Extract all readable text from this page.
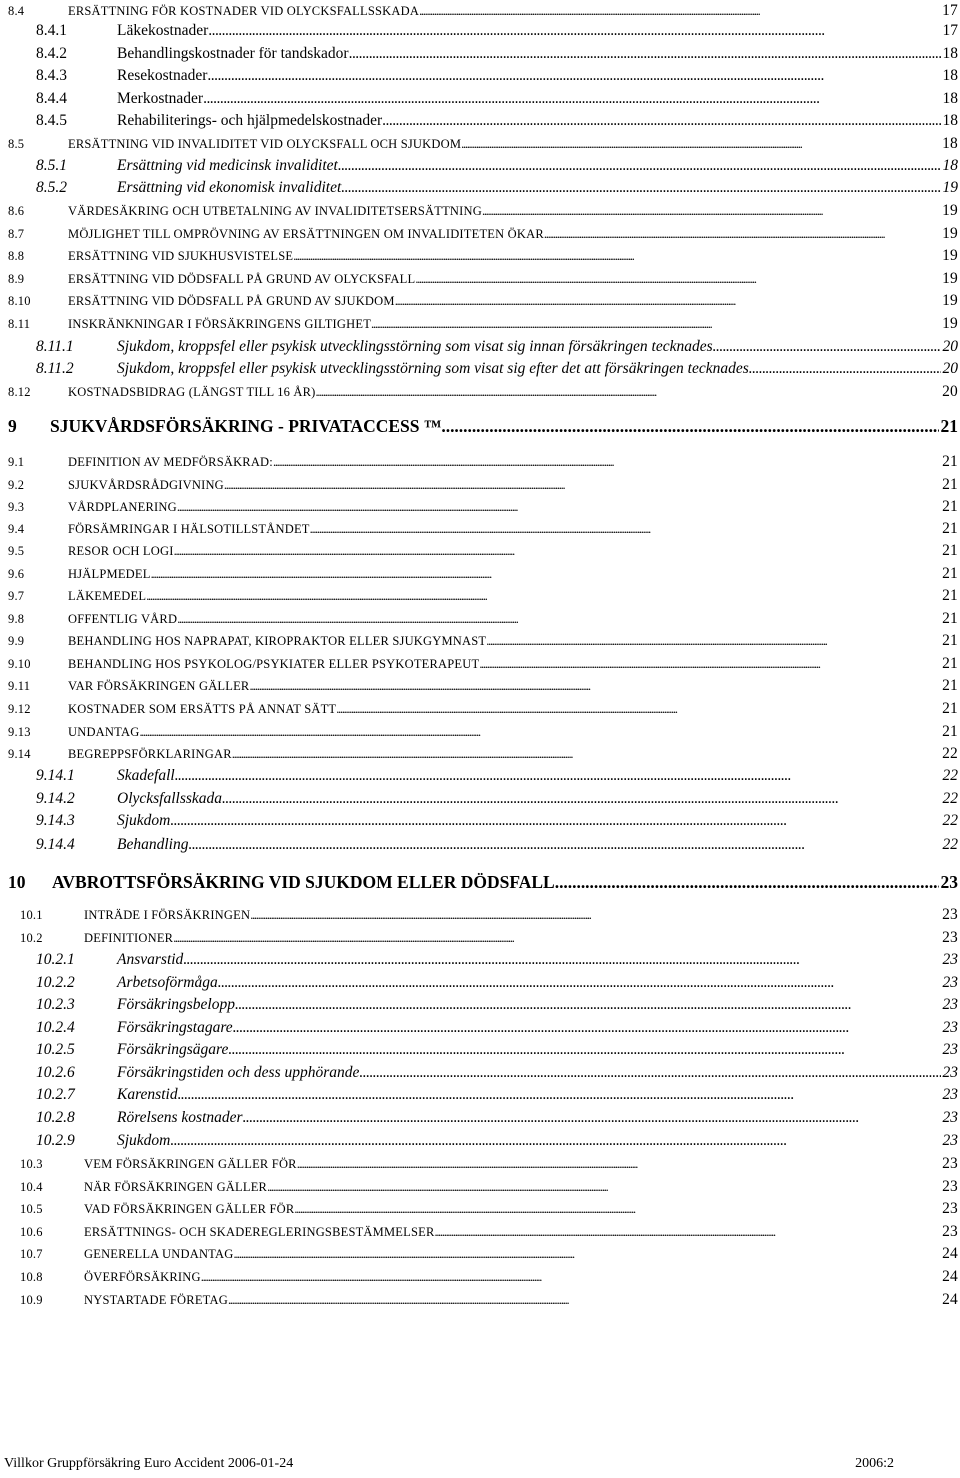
8.4	ERSÄTTNING FÖR KOSTNADER VID OLYCKSFALLSSKADA . . .	17
8.4.1	Läkekostnader . . .	17
8.4.2	Behandlingskostnader för tandskador . . .	18
8.4.3	Resekostnader . . .	18
8.4.4	Merkostnader . . .	18
8.4.5	Rehabiliterings- och hjälpmedelskostnader . . .	18
8.5	ERSÄTTNING VID INVALIDITET VID OLYCKSFALL OCH SJUKDOM . . .	18
8.5.1	Ersättning vid medicinsk invaliditet . . .	18
8.5.2	Ersättning vid ekonomisk invaliditet . . .	19
8.6	VÄRDESÄKRING OCH UTBETALNING AV INVALIDITETSERSÄTTNING . . .	19
8.7	MÖJLIGHET TILL OMPRÖVNING AV ERSÄTTNINGEN OM INVALIDITETEN ÖKAR . . .	19
8.8	ERSÄTTNING VID SJUKHUSVISTELSE . . .	19
8.9	ERSÄTTNING VID DÖDSFALL PÅ GRUND AV OLYCKSFALL . . .	19
8.10	ERSÄTTNING VID DÖDSFALL PÅ GRUND AV SJUKDOM . . .	19
8.11	INSKRÄNKNINGAR I FÖRSÄKRINGENS GILTIGHET . . .	19
8.11.1	Sjukdom, kroppsfel eller psykisk utvecklingsstörning som visat sig innan försäkringen tecknades . . .	20
8.11.2	Sjukdom, kroppsfel eller psykisk utvecklingsstörning som visat sig efter det att försäkringen tecknades . . .	20
8.12	KOSTNADSBIDRAG (LÄNGST TILL 16 ÅR) . . .	20
9 SJUKVÅRDSFÖRSÄKRING - PRIVATACCESS ™ . . .	21
9.1	DEFINITION AV MEDFÖRSÄKRAD: . . .	21
9.2	SJUKVÅRDSRÅDGIVNING . . .	21
9.3	VÅRDPLANERING . . .	21
9.4	FÖRSÄMRINGAR I HÄLSOTILLSTÅNDET . . .	21
9.5	RESOR OCH LOGI . . .	21
9.6	HJÄLPMEDEL . . .	21
9.7	LÄKEMEDEL . . .	21
9.8	OFFENTLIG VÅRD . . .	21
9.9	BEHANDLING HOS NAPRAPAT, KIROPRAKTOR ELLER SJUKGYMNAST . . .	21
9.10	BEHANDLING HOS PSYKOLOG/PSYKIATER ELLER PSYKOTERAPEUT . . .	21
9.11	VAR FÖRSÄKRINGEN GÄLLER . . .	21
9.12	KOSTNADER SOM ERSÄTTS PÅ ANNAT SÄTT . . .	21
9.13	UNDANTAG . . .	21
9.14	BEGREPPSFÖRKLARINGAR . . .	22
9.14.1	Skadefall . . .	22
9.14.2	Olycksfallsskada . . .	22
9.14.3	Sjukdom . . .	22
9.14.4	Behandling . . .	22
10 AVBROTTSFÖRSÄKRING VID SJUKDOM ELLER DÖDSFALL . . .	23
10.1	INTRÄDE I FÖRSÄKRINGEN . . .	23
10.2	DEFINITIONER . . .	23
10.2.1	Ansvarstid . . .	23
10.2.2	Arbetsoförmåga . . .	23
10.2.3	Försäkringsbelopp . . .	23
10.2.4	Försäkringstagare . . .	23
10.2.5	Försäkringsägare . . .	23
10.2.6	Försäkringstiden och dess upphörande . . .	23
10.2.7	Karenstid . . .	23
10.2.8	Rörelsens kostnader . . .	23
10.2.9	Sjukdom . . .	23
10.3	VEM FÖRSÄKRINGEN GÄLLER FÖR . . .	23
10.4	NÄR FÖRSÄKRINGEN GÄLLER . . .	23
10.5	VAD FÖRSÄKRINGEN GÄLLER FÖR . . .	23
10.6	ERSÄTTNINGS- OCH SKADEREGLERINGSBESTÄMMELSER . . .	23
10.7	GENERELLA UNDANTAG . . .	24
10.8	ÖVERFÖRSÄKRING . . .	24
10.9	NYSTARTADE FÖRETAG . . .	24
Villkor Gruppförsäkring Euro Accident 2006-01-24	2006:2
